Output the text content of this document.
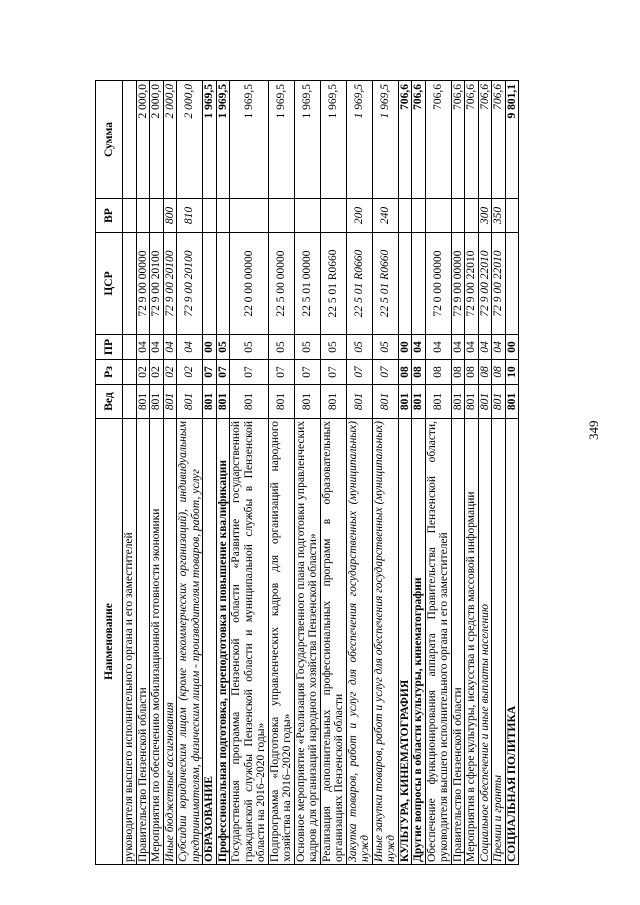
349
Наименование	Вед	Рз	ПР	ЦСР	ВР	Сумма
руководителя высшего исполнительного органа и его заместителей						
Правительство Пензенской области	801	02	04	72 9 00 00000		2 000,0
Мероприятия по обеспечению мобилизационной готовности экономики	801	02	04	72 9 00 20100		2 000,0
Иные бюджетные ассигнования	801	02	04	72 9 00 20100	800	2 000,0
Субсидии юридическим лицам (кроме некоммерческих организаций), индивидуальным предпринимателям, физическим лицам - производителям товаров, работ, услуг	801	02	04	72 9 00 20100	810	2 000,0
ОБРАЗОВАНИЕ	801	07	00			1 969,5
Профессиональная подготовка, переподготовка и повышение квалификации	801	07	05			1 969,5
Государственная программа Пензенской области «Развитие государственной гражданской службы Пензенской области и муниципальной службы в Пензенской области на 2016–2020 годы»	801	07	05	22 0 00 00000		1 969,5
Подпрограмма «Подготовка управленческих кадров для организаций народного хозяйства на 2016–2020 годы»	801	07	05	22 5 00 00000		1 969,5
Основное мероприятие «Реализация Государственного плана подготовки управленческих кадров для организаций народного хозяйства Пензенской области»	801	07	05	22 5 01 00000		1 969,5
Реализация дополнительных профессиональных программ в образовательных организациях Пензенской области	801	07	05	22 5 01 R0660		1 969,5
Закупка товаров, работ и услуг для обеспечения государственных (муниципальных) нужд	801	07	05	22 5 01 R0660	200	1 969,5
Иные закупки товаров, работ и услуг для обеспечения государственных (муниципальных) нужд	801	07	05	22 5 01 R0660	240	1 969,5
КУЛЬТУРА, КИНЕМАТОГРАФИЯ	801	08	00			706,6
Другие вопросы в области культуры, кинематографии	801	08	04			706,6
Обеспечение функционирования аппарата Правительства Пензенской области, руководителя высшего исполнительного органа и его заместителей	801	08	04	72 0 00 00000		706,6
Правительство Пензенской области	801	08	04	72 9 00 00000		706,6
Мероприятия в сфере культуры, искусства и средств массовой информации	801	08	04	72 9 00 22010		706,6
Социальное обеспечение и иные выплаты населению	801	08	04	72 9 00 22010	300	706,6
Премии и гранты	801	08	04	72 9 00 22010	350	706,6
СОЦИАЛЬНАЯ ПОЛИТИКА	801	10	00			9 801,1
